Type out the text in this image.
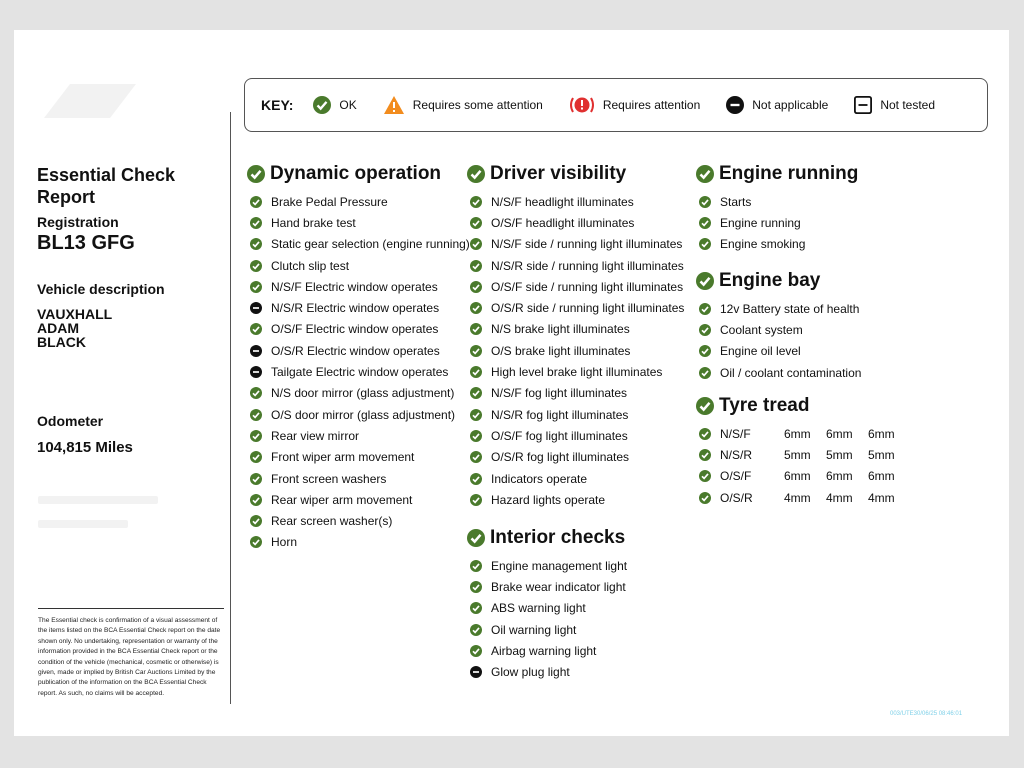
KEY:	OK	Requires some attention	Requires attention	Not applicable	Not tested
Essential Check Report
Registration
BL13 GFG
Vehicle description
VAUXHALL
ADAM
BLACK
Odometer
104,815 Miles
The Essential check is confirmation of a visual assessment of the items listed on the BCA Essential Check report on the date shown only. No undertaking, representation or warranty of the information provided in the BCA Essential Check report or the condition of the vehicle (mechanical, cosmetic or otherwise) is given, made or implied by British Car Auctions Limited by the publication of the information on the BCA Essential Check report. As such, no claims will be accepted.
Dynamic operation
Brake Pedal Pressure
Hand brake test
Static gear selection (engine running)
Clutch slip test
N/S/F Electric window operates
N/S/R Electric window operates
O/S/F Electric window operates
O/S/R Electric window operates
Tailgate Electric window operates
N/S door mirror (glass adjustment)
O/S door mirror (glass adjustment)
Rear view mirror
Front wiper arm movement
Front screen washers
Rear wiper arm movement
Rear screen washer(s)
Horn
Driver visibility
N/S/F headlight illuminates
O/S/F headlight illuminates
N/S/F side / running light illuminates
N/S/R side / running light illuminates
O/S/F side / running light illuminates
O/S/R side / running light illuminates
N/S brake light illuminates
O/S brake light illuminates
High level brake light illuminates
N/S/F fog light illuminates
N/S/R fog light illuminates
O/S/F fog light illuminates
O/S/R fog light illuminates
Indicators operate
Hazard lights operate
Interior checks
Engine management light
Brake wear indicator light
ABS warning light
Oil warning light
Airbag warning light
Glow plug light
Engine running
Starts
Engine running
Engine smoking
Engine bay
12v Battery state of health
Coolant system
Engine oil level
Oil / coolant contamination
Tyre tread
N/S/F	6mm	6mm	6mm
N/S/R	5mm	5mm	5mm
O/S/F	6mm	6mm	6mm
O/S/R	4mm	4mm	4mm
003/UTE30/06/25 08:46:01
